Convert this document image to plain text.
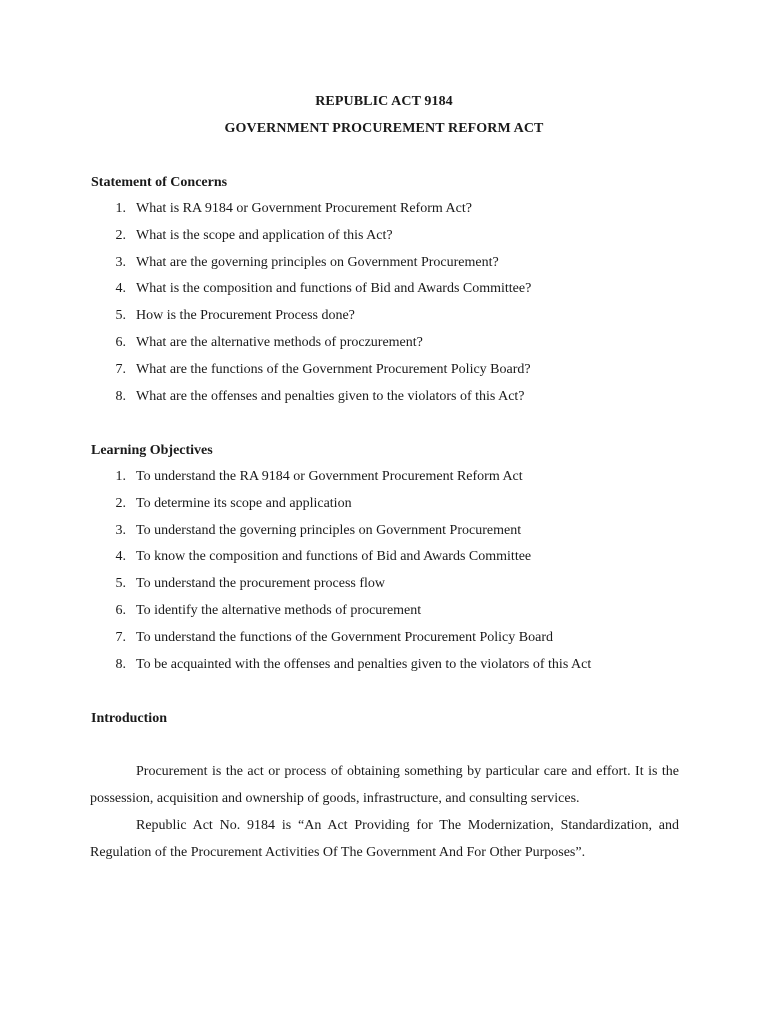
REPUBLIC ACT 9184
GOVERNMENT PROCUREMENT REFORM ACT
Statement of Concerns
1. What is RA 9184 or Government Procurement Reform Act?
2. What is the scope and application of this Act?
3. What are the governing principles on Government Procurement?
4. What is the composition and functions of Bid and Awards Committee?
5. How is the Procurement Process done?
6. What are the alternative methods of proczurement?
7. What are the functions of the Government Procurement Policy Board?
8. What are the offenses and penalties given to the violators of this Act?
Learning Objectives
1. To understand the RA 9184 or Government Procurement Reform Act
2. To determine its scope and application
3. To understand the governing principles on Government Procurement
4. To know the composition and functions of Bid and Awards Committee
5. To understand the procurement process flow
6. To identify the alternative methods of procurement
7. To understand the functions of the Government Procurement Policy Board
8. To be acquainted with the offenses and penalties given to the violators of this Act
Introduction

Procurement is the act or process of obtaining something by particular care and effort. It is the possession, acquisition and ownership of goods, infrastructure, and consulting services.

Republic Act No. 9184 is “An Act Providing for The Modernization, Standardization, and Regulation of the Procurement Activities Of The Government And For Other Purposes”.
